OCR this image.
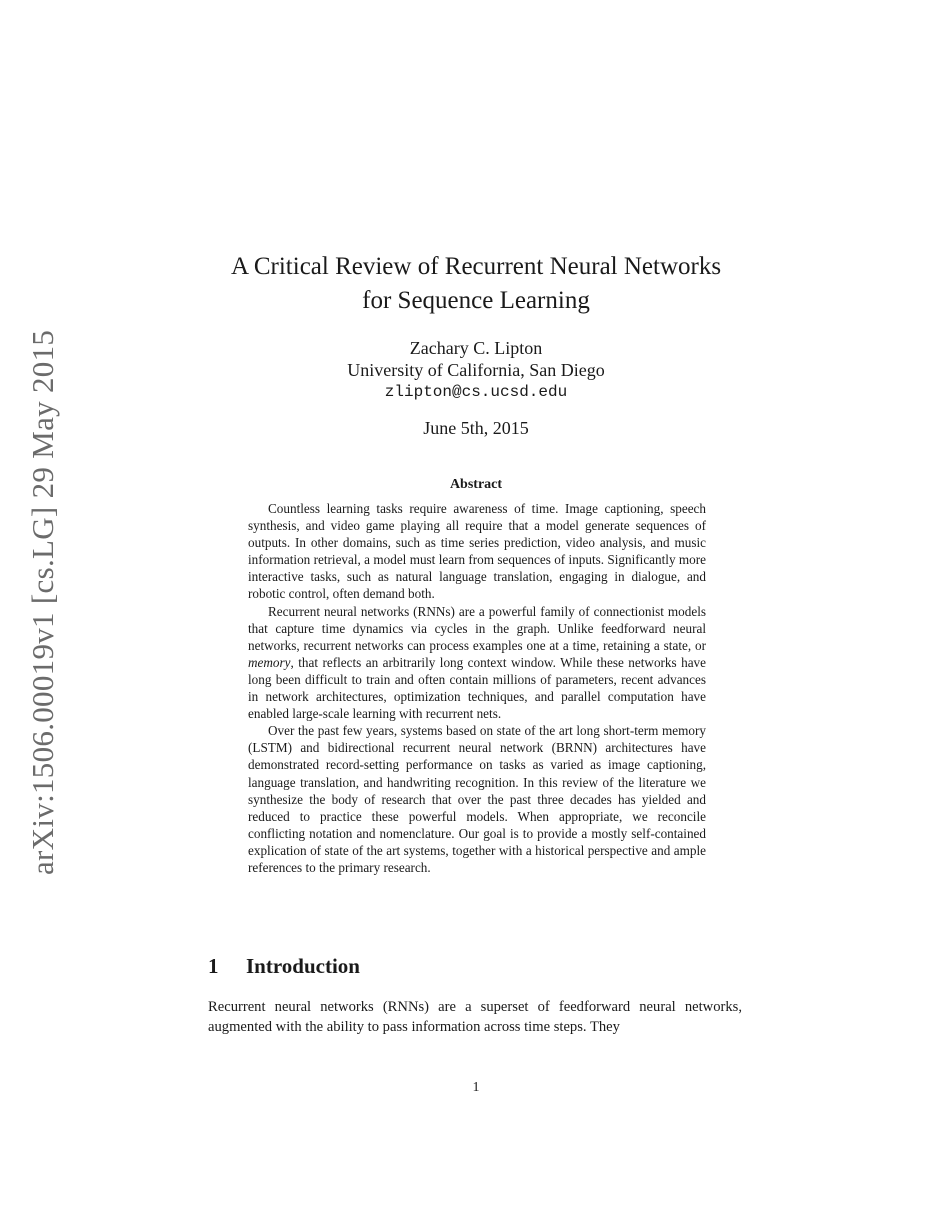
arXiv:1506.00019v1 [cs.LG] 29 May 2015
A Critical Review of Recurrent Neural Networks
for Sequence Learning
Zachary C. Lipton
University of California, San Diego
zlipton@cs.ucsd.edu
June 5th, 2015
Abstract

Countless learning tasks require awareness of time. Image captioning, speech synthesis, and video game playing all require that a model generate sequences of outputs. In other domains, such as time series prediction, video analysis, and music information retrieval, a model must learn from sequences of inputs. Significantly more interactive tasks, such as natural language translation, engaging in dialogue, and robotic control, often demand both.

Recurrent neural networks (RNNs) are a powerful family of connectionist models that capture time dynamics via cycles in the graph. Unlike feedforward neural networks, recurrent networks can process examples one at a time, retaining a state, or memory, that reflects an arbitrarily long context window. While these networks have long been difficult to train and often contain millions of parameters, recent advances in network architectures, optimization techniques, and parallel computation have enabled large-scale learning with recurrent nets.

Over the past few years, systems based on state of the art long short-term memory (LSTM) and bidirectional recurrent neural network (BRNN) architectures have demonstrated record-setting performance on tasks as varied as image captioning, language translation, and handwriting recognition. In this review of the literature we synthesize the body of research that over the past three decades has yielded and reduced to practice these powerful models. When appropriate, we reconcile conflicting notation and nomenclature. Our goal is to provide a mostly self-contained explication of state of the art systems, together with a historical perspective and ample references to the primary research.

1 Introduction

Recurrent neural networks (RNNs) are a superset of feedforward neural networks, augmented with the ability to pass information across time steps. They

1
